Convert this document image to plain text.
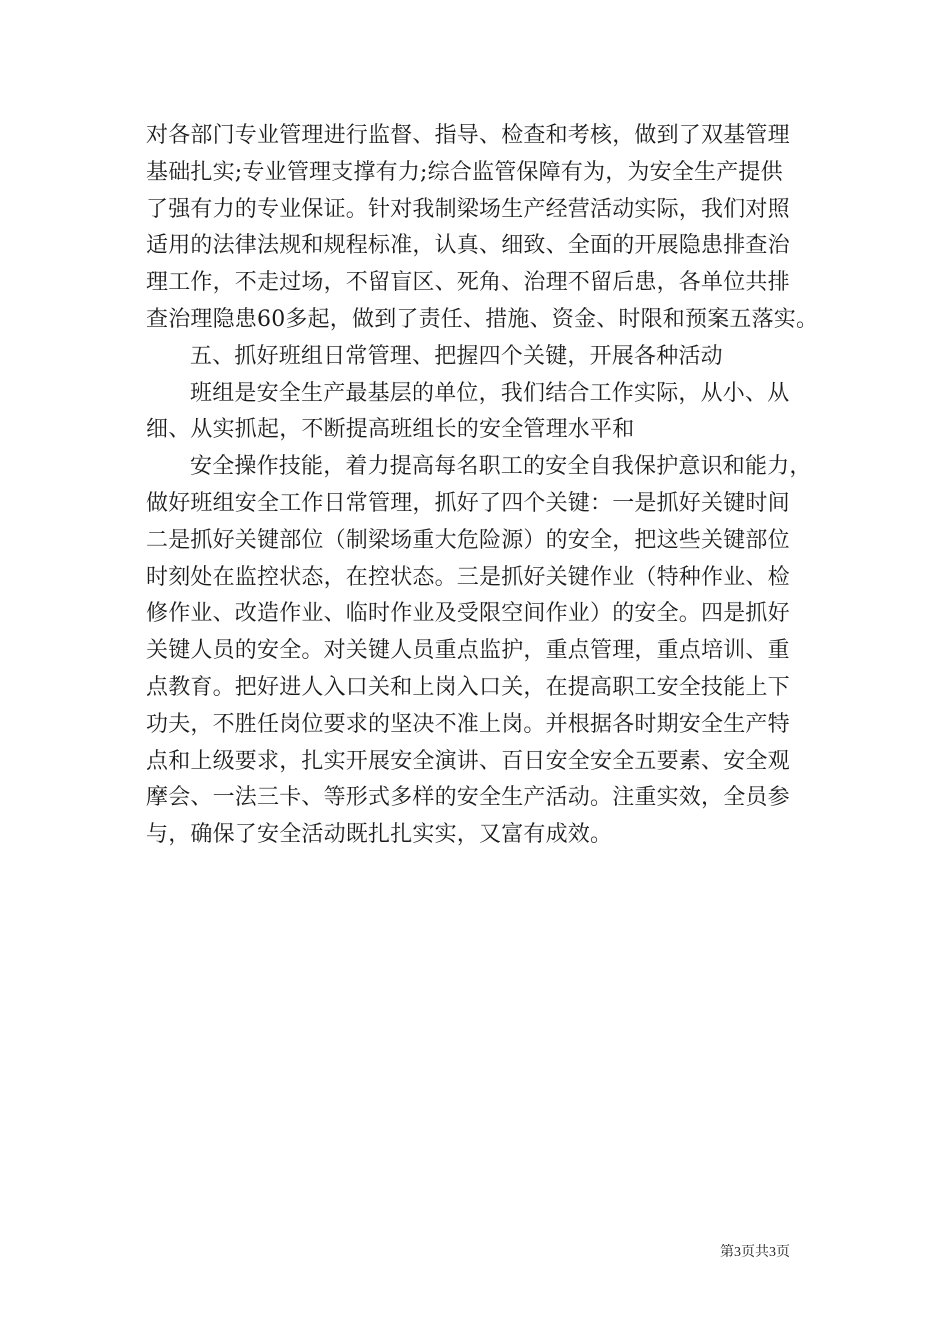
对各部门专业管理进行监督、指导、检查和考核，做到了双基管理
基础扎实;专业管理支撑有力;综合监管保障有为，为安全生产提供
了强有力的专业保证。针对我制梁场生产经营活动实际，我们对照
适用的法律法规和规程标准，认真、细致、全面的开展隐患排查治
理工作，不走过场，不留盲区、死角、治理不留后患，各单位共排
查治理隐患60多起，做到了责任、措施、资金、时限和预案五落实。
五、抓好班组日常管理、把握四个关键，开展各种活动
班组是安全生产最基层的单位，我们结合工作实际，从小、从
细、从实抓起，不断提高班组长的安全管理水平和
安全操作技能，着力提高每名职工的安全自我保护意识和能力，
做好班组安全工作日常管理，抓好了四个关键：一是抓好关键时间
二是抓好关键部位（制梁场重大危险源）的安全，把这些关键部位
时刻处在监控状态，在控状态。三是抓好关键作业（特种作业、检
修作业、改造作业、临时作业及受限空间作业）的安全。四是抓好
关键人员的安全。对关键人员重点监护，重点管理，重点培训、重
点教育。把好进人入口关和上岗入口关，在提高职工安全技能上下
功夫，不胜任岗位要求的坚决不准上岗。并根据各时期安全生产特
点和上级要求，扎实开展安全演讲、百日安全安全五要素、安全观
摩会、一法三卡、等形式多样的安全生产活动。注重实效，全员参
与，确保了安全活动既扎扎实实，又富有成效。
第3页共3页
